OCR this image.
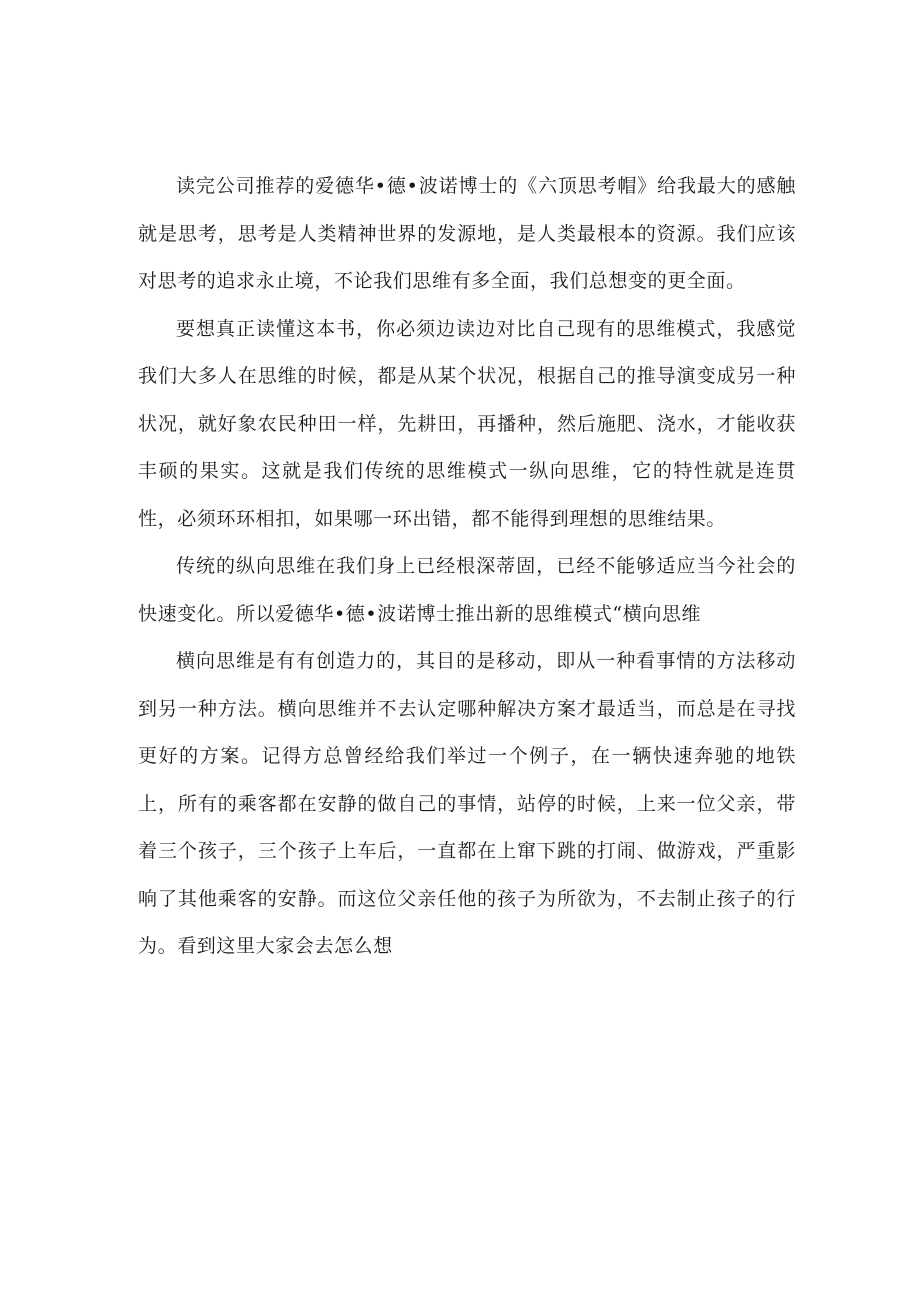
读完公司推荐的爱德华•德•波诺博士的《六顶思考帽》给我最大的感触就是思考，思考是人类精神世界的发源地，是人类最根本的资源。我们应该对思考的追求永止境，不论我们思维有多全面，我们总想变的更全面。

要想真正读懂这本书，你必须边读边对比自己现有的思维模式，我感觉我们大多人在思维的时候，都是从某个状况，根据自己的推导演变成另一种状况，就好象农民种田一样，先耕田，再播种，然后施肥、浇水，才能收获丰硕的果实。这就是我们传统的思维模式一纵向思维，它的特性就是连贯性，必须环环相扣，如果哪一环出错，都不能得到理想的思维结果。

传统的纵向思维在我们身上已经根深蒂固，已经不能够适应当今社会的快速变化。所以爱德华•德•波诺博士推出新的思维模式“横向思维

横向思维是有有创造力的，其目的是移动，即从一种看事情的方法移动到另一种方法。横向思维并不去认定哪种解决方案才最适当，而总是在寻找更好的方案。记得方总曾经给我们举过一个例子，在一辆快速奔驰的地铁上，所有的乘客都在安静的做自己的事情，站停的时候，上来一位父亲，带着三个孩子，三个孩子上车后，一直都在上窜下跳的打闹、做游戏，严重影响了其他乘客的安静。而这位父亲任他的孩子为所欲为，不去制止孩子的行为。看到这里大家会去怎么想
